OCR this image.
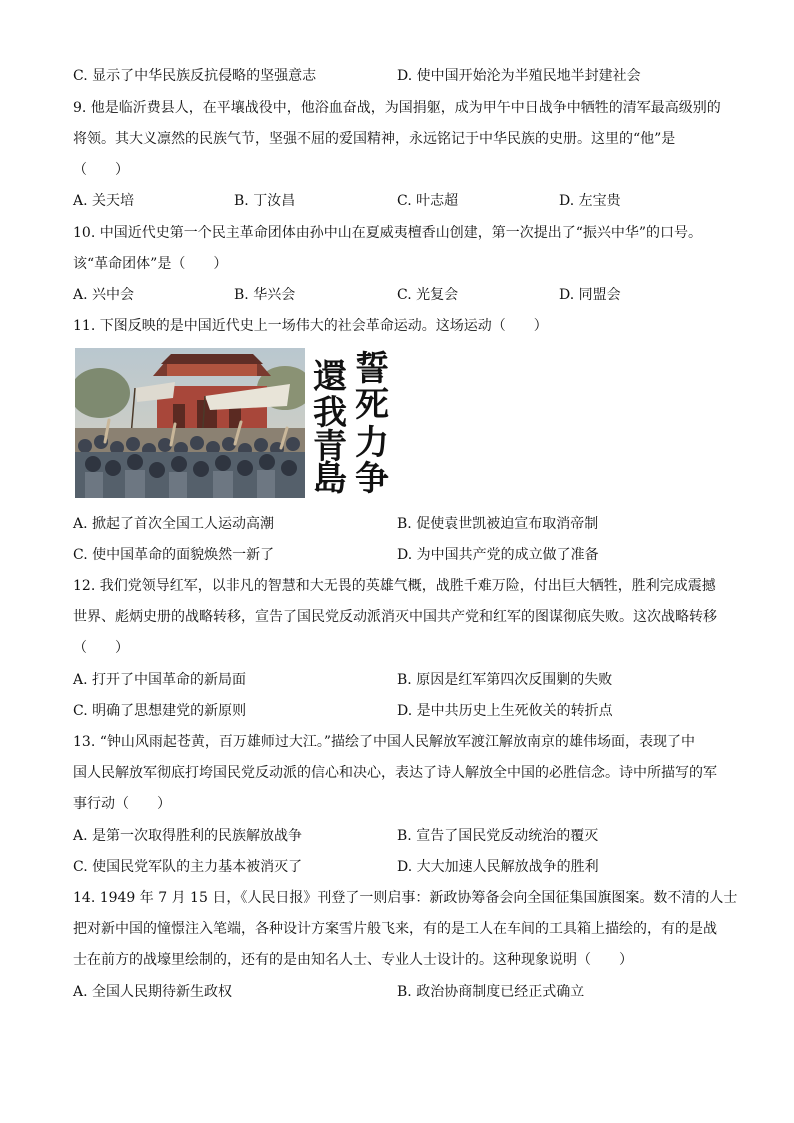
C. 显示了中华民族反抗侵略的坚强意志	D. 使中国开始沦为半殖民地半封建社会
9. 他是临沂费县人，在平壤战役中，他浴血奋战，为国捐躯，成为甲午中日战争中牺牲的清军最高级别的
将领。其大义凛然的民族气节，坚强不屈的爱国精神，永远铭记于中华民族的史册。这里的“他”是
（　　）
A. 关天培	B. 丁汝昌	C. 叶志超	D. 左宝贵
10. 中国近代史第一个民主革命团体由孙中山在夏威夷檀香山创建，第一次提出了“振兴中华”的口号。
该“革命团体”是（　　）
A. 兴中会	B. 华兴会	C. 光复会	D. 同盟会
11. 下图反映的是中国近代史上一场伟大的社会革命运动。这场运动（　　）
誓
死
力
争
還
我
青
島
A. 掀起了首次全国工人运动高潮	B. 促使袁世凯被迫宣布取消帝制
C. 使中国革命的面貌焕然一新了	D. 为中国共产党的成立做了准备
12. 我们党领导红军，以非凡的智慧和大无畏的英雄气概，战胜千难万险，付出巨大牺牲，胜利完成震撼
世界、彪炳史册的战略转移，宣告了国民党反动派消灭中国共产党和红军的图谋彻底失败。这次战略转移
（　　）
A. 打开了中国革命的新局面	B. 原因是红军第四次反围剿的失败
C. 明确了思想建党的新原则	D. 是中共历史上生死攸关的转折点
13. “钟山风雨起苍黄，百万雄师过大江。”描绘了中国人民解放军渡江解放南京的雄伟场面，表现了中
国人民解放军彻底打垮国民党反动派的信心和决心，表达了诗人解放全中国的必胜信念。诗中所描写的军
事行动（　　）
A. 是第一次取得胜利的民族解放战争	B. 宣告了国民党反动统治的覆灭
C. 使国民党军队的主力基本被消灭了	D. 大大加速人民解放战争的胜利
14. 1949 年 7 月 15 日，《人民日报》刊登了一则启事：新政协筹备会向全国征集国旗图案。数不清的人士
把对新中国的憧憬注入笔端，各种设计方案雪片般飞来，有的是工人在车间的工具箱上描绘的，有的是战
士在前方的战壕里绘制的，还有的是由知名人士、专业人士设计的。这种现象说明（　　）
A. 全国人民期待新生政权	B. 政治协商制度已经正式确立
